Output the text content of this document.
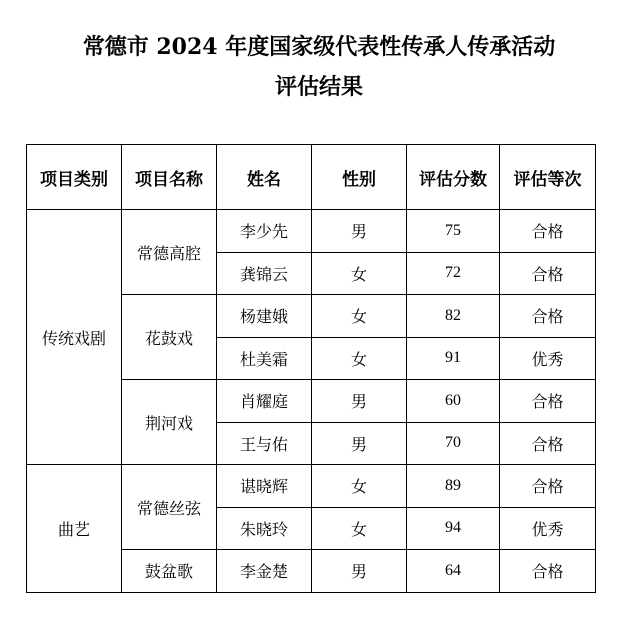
常德市 2024 年度国家级代表性传承人传承活动
评估结果
项目类别	项目名称	姓名	性别	评估分数	评估等次
传统戏剧	常德高腔	李少先	男	75	合格
		龚锦云	女	72	合格
	花鼓戏	杨建娥	女	82	合格
		杜美霜	女	91	优秀
	荆河戏	肖耀庭	男	60	合格
		王与佑	男	70	合格
曲艺	常德丝弦	谌晓辉	女	89	合格
		朱晓玲	女	94	优秀
	鼓盆歌	李金楚	男	64	合格
